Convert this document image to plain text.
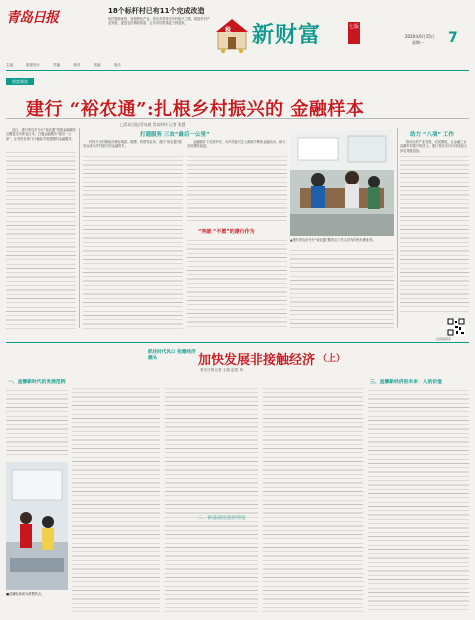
青岛日报	18个标杆村已有11个完成改造
依托资源优势、发展特色产业，青岛市坚持走乡村振兴之路，推进乡村产业发展，促进农民增收致富，让乡亲们的钱袋子鼓起来。
税 新财富	七版
2020年6月15日
星期一 7
主编 版面设计 责编 校对 美编 电话
财富聚焦
建行 “裕农通”:扎根乡村振兴的 金融样本
□青岛日报/青岛观 青岛财经 记者 张慧

近日，建行青岛市分行“裕农通”普惠金融服务点覆盖全市涉农区市，打通金融服务“最后一公里”，让村民在家门口就能享受便捷的金融服务。

打通服务 三农“最后一公里”

村民不出村就能办理存取款、缴费、转账等业务，建行“裕农通”服务点成为乡村振兴的金融帮手。

金融服务下沉到乡村，为乡村振兴注入源源不断的金融活水，助力农民增收致富。

▲建行青岛市分行“裕农通”服务点工作人员为村民办理业务。
“突破 “不愿”的建行作为
助力 “八项” 工作

推动农村产业发展、农民增收，让金融之水浇灌乡村振兴的沃土，建行青岛市分行持续加大涉农贷款投放。

扫码看更多
抓住时代风口 抢滩经济潮头	加快发展非接触经济 （上）
青岛日报记者 王娟 赵恩 刘
一、直播新时代的发展范例	三、直播新经济的未来：人的价值
■直播电商成为消费热点。
